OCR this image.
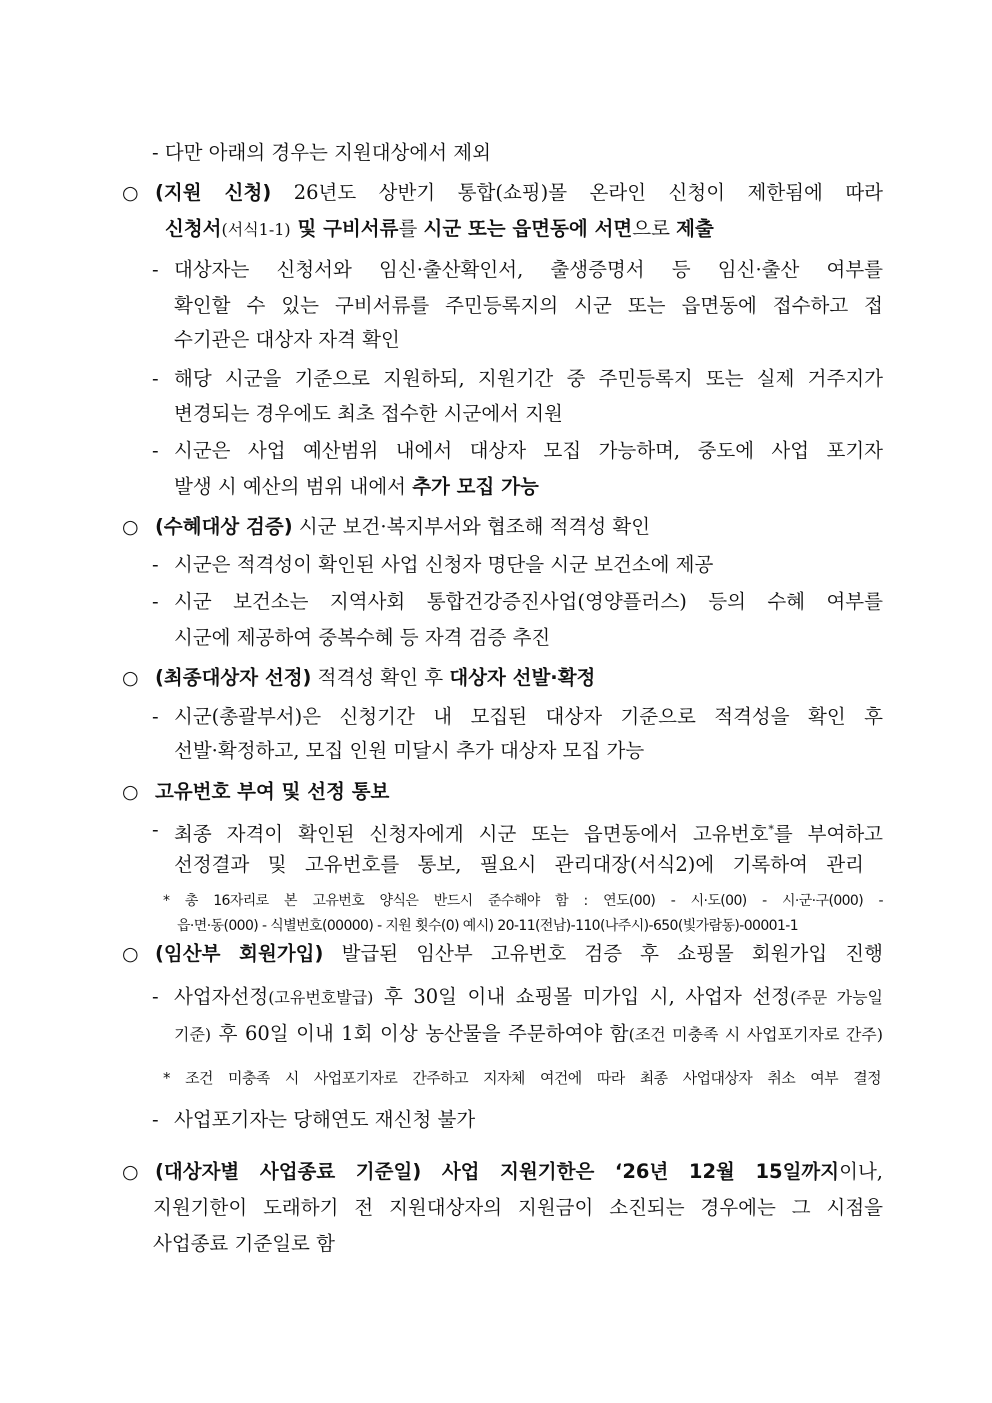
- 다만 아래의 경우는 지원대상에서 제외
○ (지원 신청) 26년도 상반기 통합(쇼핑)몰 온라인 신청이 제한됨에 따라
신청서(서식1-1) 및 구비서류를 시군 또는 읍면동에 서면으로 제출
- 대상자는 신청서와 임신·출산확인서, 출생증명서 등 임신·출산 여부를
확인할 수 있는 구비서류를 주민등록지의 시군 또는 읍면동에 접수하고 접
수기관은 대상자 자격 확인
- 해당 시군을 기준으로 지원하되, 지원기간 중 주민등록지 또는 실제 거주지가
변경되는 경우에도 최초 접수한 시군에서 지원
- 시군은 사업 예산범위 내에서 대상자 모집 가능하며, 중도에 사업 포기자
발생 시 예산의 범위 내에서 추가 모집 가능
○ (수혜대상 검증) 시군 보건·복지부서와 협조해 적격성 확인
- 시군은 적격성이 확인된 사업 신청자 명단을 시군 보건소에 제공
- 시군 보건소는 지역사회 통합건강증진사업(영양플러스) 등의 수혜 여부를
시군에 제공하여 중복수혜 등 자격 검증 추진
○ (최종대상자 선정) 적격성 확인 후 대상자 선발·확정
- 시군(총괄부서)은 신청기간 내 모집된 대상자 기준으로 적격성을 확인 후
선발·확정하고, 모집 인원 미달시 추가 대상자 모집 가능
○ 고유번호 부여 및 선정 통보
- 최종 자격이 확인된 신청자에게 시군 또는 읍면동에서 고유번호*를 부여하고
선정결과 및 고유번호를 통보, 필요시 관리대장(서식2)에 기록하여 관리
* 총 16자리로 본 고유번호 양식은 반드시 준수해야 함 : 연도(00) - 시·도(00) - 시·군·구(000) -
읍·면·동(000) - 식별번호(00000) - 지원 횟수(0) 예시) 20-11(전남)-110(나주시)-650(빛가람동)-00001-1
○ (임산부 회원가입) 발급된 임산부 고유번호 검증 후 쇼핑몰 회원가입 진행
- 사업자선정(고유번호발급) 후 30일 이내 쇼핑몰 미가입 시, 사업자 선정(주문 가능일
기준) 후 60일 이내 1회 이상 농산물을 주문하여야 함(조건 미충족 시 사업포기자로 간주)
* 조건 미충족 시 사업포기자로 간주하고 지자체 여건에 따라 최종 사업대상자 취소 여부 결정
- 사업포기자는 당해연도 재신청 불가
○ (대상자별 사업종료 기준일) 사업 지원기한은 ‘26년 12월 15일까지이나,
지원기한이 도래하기 전 지원대상자의 지원금이 소진되는 경우에는 그 시점을
사업종료 기준일로 함
